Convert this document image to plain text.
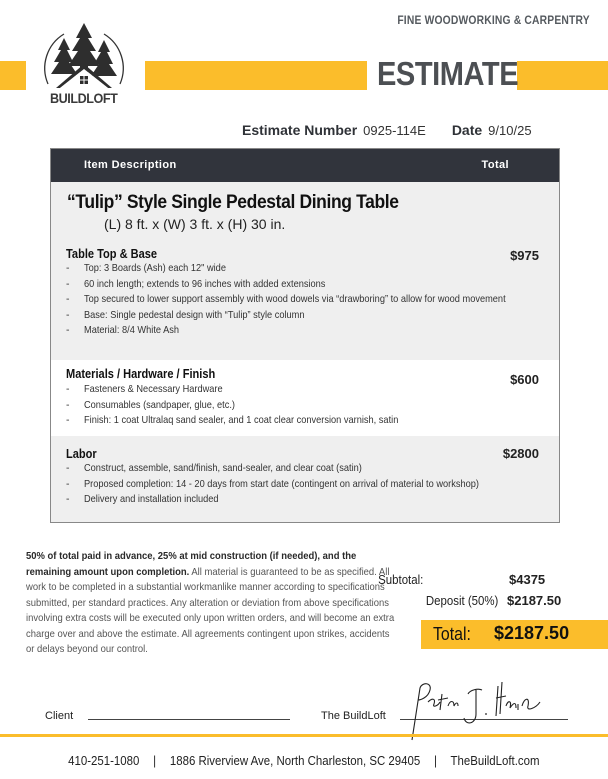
FINE WOODWORKING & CARPENTRY
ESTIMATE
BUILDLOFT
Estimate Number 0925-114E Date 9/10/25
Item Description	Total
“Tulip” Style Single Pedestal Dining Table
(L) 8 ft. x (W) 3 ft. x (H) 30 in.
Table Top & Base	$975
-	Top: 3 Boards (Ash) each 12" wide
-	60 inch length; extends to 96 inches with added extensions
-	Top secured to lower support assembly with wood dowels via “drawboring” to allow for wood movement
-	Base: Single pedestal design with “Tulip” style column
-	Material: 8/4 White Ash
Materials / Hardware / Finish	$600
-	Fasteners & Necessary Hardware
-	Consumables (sandpaper, glue, etc.)
-	Finish: 1 coat Ultralaq sand sealer, and 1 coat clear conversion varnish, satin
Labor	$2800
-	Construct, assemble, sand/finish, sand-sealer, and clear coat (satin)
-	Proposed completion: 14 - 20 days from start date (contingent on arrival of material to workshop)
-	Delivery and installation included
50% of total paid in advance, 25% at mid construction (if needed), and the remaining amount upon completion. All material is guaranteed to be as specified. All work to be completed in a substantial workmanlike manner according to specifications submitted, per standard practices. Any alteration or deviation from above specifications involving extra costs will be executed only upon written orders, and will become an extra charge over and above the estimate. All agreements contingent upon strikes, accidents or delays beyond our control.
Subtotal:	$4375
Deposit (50%) $2187.50
Total: $2187.50
Client	The BuildLoft
410-251-1080 | 1886 Riverview Ave, North Charleston, SC 29405 | TheBuildLoft.com
